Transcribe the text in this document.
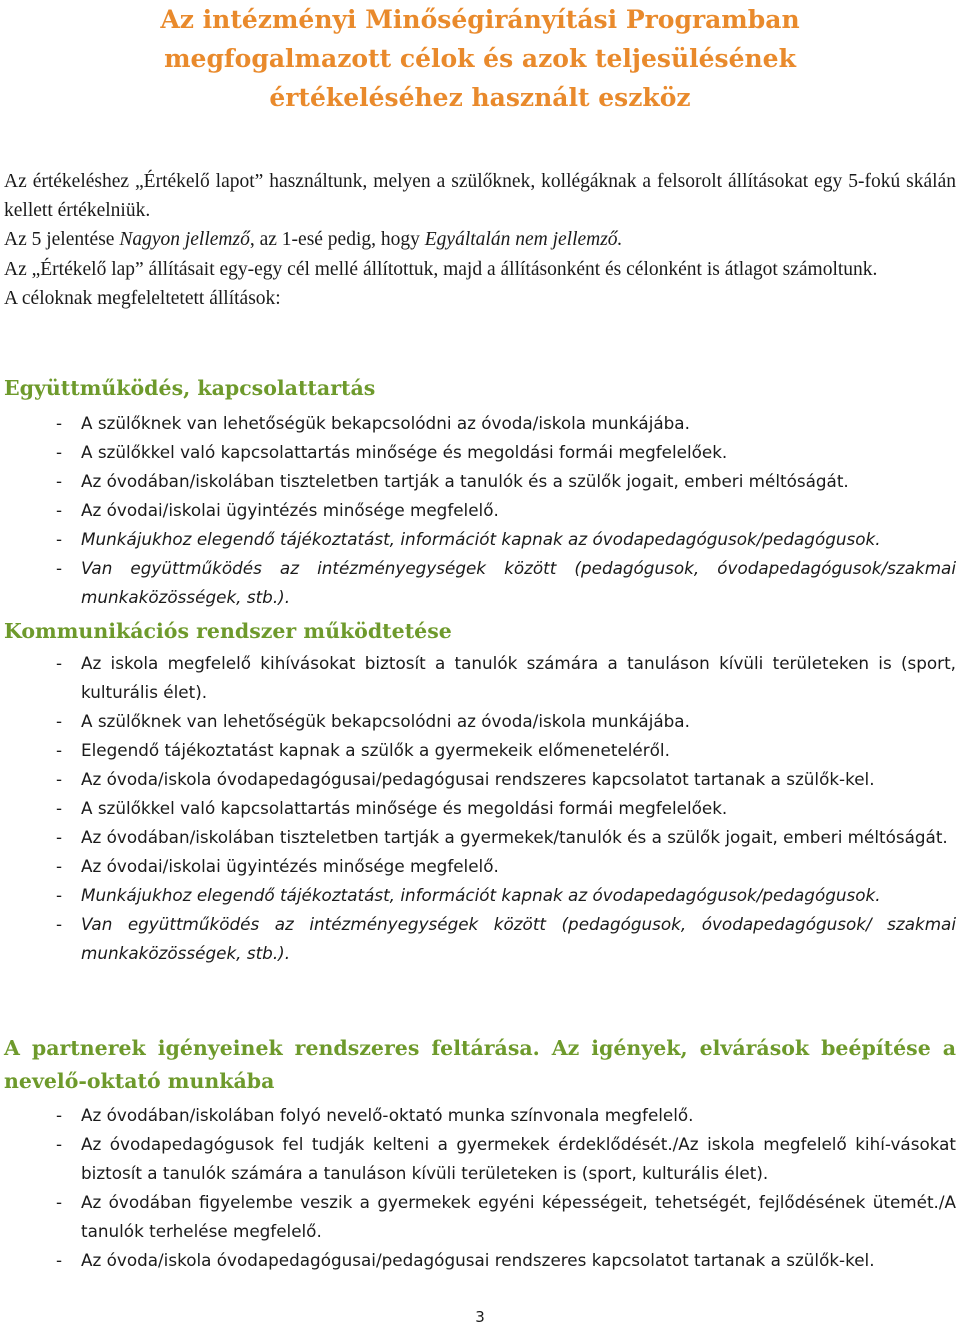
Az intézményi Minőségirányítási Programban
megfogalmazott célok és azok teljesülésének
értékeléséhez használt eszköz

Az értékeléshez „Értékelő lapot” használtunk, melyen a szülőknek, kollégáknak a felsorolt állításokat egy 5-fokú skálán kellett értékelniük.

Az 5 jelentése Nagyon jellemző, az 1-esé pedig, hogy Egyáltalán nem jellemző.

Az „Értékelő lap” állításait egy-egy cél mellé állítottuk, majd a állításonként és célonként is átlagot számoltunk.

A céloknak megfeleltetett állítások:

Együttműködés, kapcsolattartás
- A szülőknek van lehetőségük bekapcsolódni az óvoda/iskola munkájába.
- A szülőkkel való kapcsolattartás minősége és megoldási formái megfelelőek.
- Az óvodában/iskolában tiszteletben tartják a tanulók és a szülők jogait, emberi méltóságát.
- Az óvodai/iskolai ügyintézés minősége megfelelő.
- Munkájukhoz elegendő tájékoztatást, információt kapnak az óvodapedagógusok/pedagógusok.
- Van együttműködés az intézményegységek között (pedagógusok, óvodapedagógusok/szakmai munkaközösségek, stb.).
Kommunikációs rendszer működtetése
- Az iskola megfelelő kihívásokat biztosít a tanulók számára a tanuláson kívüli területeken is (sport, kulturális élet).
- A szülőknek van lehetőségük bekapcsolódni az óvoda/iskola munkájába.
- Elegendő tájékoztatást kapnak a szülők a gyermekeik előmeneteléről.
- Az óvoda/iskola óvodapedagógusai/pedagógusai rendszeres kapcsolatot tartanak a szülők-kel.
- A szülőkkel való kapcsolattartás minősége és megoldási formái megfelelőek.
- Az óvodában/iskolában tiszteletben tartják a gyermekek/tanulók és a szülők jogait, emberi méltóságát.
- Az óvodai/iskolai ügyintézés minősége megfelelő.
- Munkájukhoz elegendő tájékoztatást, információt kapnak az óvodapedagógusok/pedagógusok.
- Van együttműködés az intézményegységek között (pedagógusok, óvodapedagógusok/ szakmai munkaközösségek, stb.).
A partnerek igényeinek rendszeres feltárása. Az igények, elvárások beépítése a nevelő-oktató munkába
- Az óvodában/iskolában folyó nevelő-oktató munka színvonala megfelelő.
- Az óvodapedagógusok fel tudják kelteni a gyermekek érdeklődését./Az iskola megfelelő kihí-vásokat biztosít a tanulók számára a tanuláson kívüli területeken is (sport, kulturális élet).
- Az óvodában figyelembe veszik a gyermekek egyéni képességeit, tehetségét, fejlődésének ütemét./A tanulók terhelése megfelelő.
- Az óvoda/iskola óvodapedagógusai/pedagógusai rendszeres kapcsolatot tartanak a szülők-kel.
3
